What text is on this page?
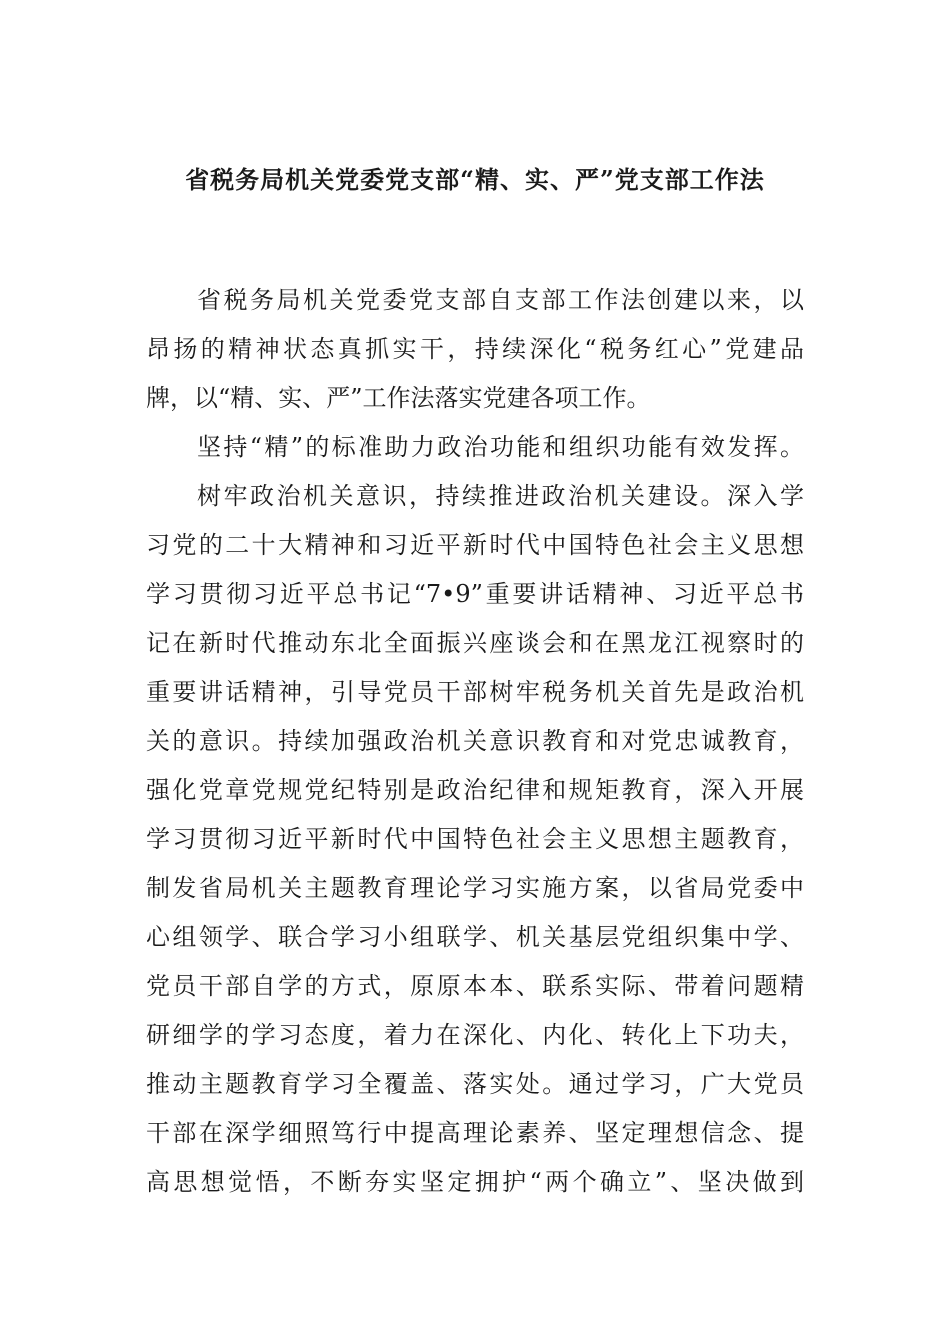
省税务局机关党委党支部“精、实、严”党支部工作法
省税务局机关党委党支部自支部工作法创建以来，以
昂扬的精神状态真抓实干，持续深化“税务红心”党建品
牌，以“精、实、严”工作法落实党建各项工作。
坚持“精”的标准助力政治功能和组织功能有效发挥。
树牢政治机关意识，持续推进政治机关建设。深入学
习党的二十大精神和习近平新时代中国特色社会主义思想
学习贯彻习近平总书记“7•9”重要讲话精神、习近平总书
记在新时代推动东北全面振兴座谈会和在黑龙江视察时的
重要讲话精神，引导党员干部树牢税务机关首先是政治机
关的意识。持续加强政治机关意识教育和对党忠诚教育，
强化党章党规党纪特别是政治纪律和规矩教育，深入开展
学习贯彻习近平新时代中国特色社会主义思想主题教育，
制发省局机关主题教育理论学习实施方案，以省局党委中
心组领学、联合学习小组联学、机关基层党组织集中学、
党员干部自学的方式，原原本本、联系实际、带着问题精
研细学的学习态度，着力在深化、内化、转化上下功夫，
推动主题教育学习全覆盖、落实处。通过学习，广大党员
干部在深学细照笃行中提高理论素养、坚定理想信念、提
高思想觉悟，不断夯实坚定拥护“两个确立”、坚决做到
